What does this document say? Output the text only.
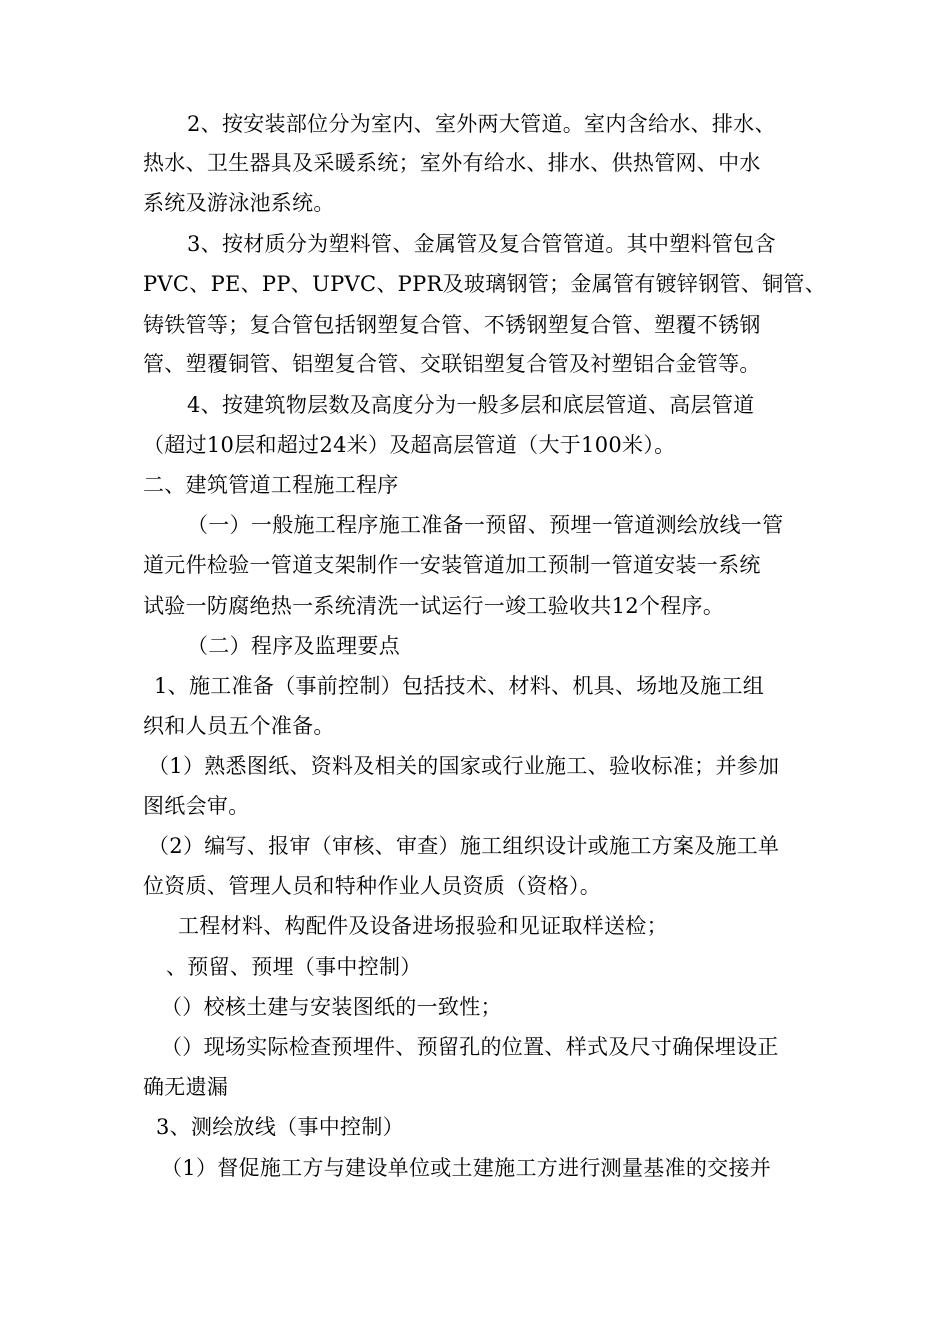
2、按安装部位分为室内、室外两大管道。室内含给水、排水、
热水、卫生器具及采暖系统；室外有给水、排水、供热管网、中水
系统及游泳池系统。
3、按材质分为塑料管、金属管及复合管管道。其中塑料管包含
PVC、PE、PP、UPVC、PPR及玻璃钢管；金属管有镀锌钢管、铜管、
铸铁管等；复合管包括钢塑复合管、不锈钢塑复合管、塑覆不锈钢
管、塑覆铜管、铝塑复合管、交联铝塑复合管及衬塑铝合金管等。
4、按建筑物层数及高度分为一般多层和底层管道、高层管道
（超过10层和超过24米）及超高层管道（大于100米）。
二、建筑管道工程施工程序
（一）一般施工程序施工准备一预留、预埋一管道测绘放线一管
道元件检验一管道支架制作一安装管道加工预制一管道安装一系统
试验一防腐绝热一系统清洗一试运行一竣工验收共12个程序。
（二）程序及监理要点
1、施工准备（事前控制）包括技术、材料、机具、场地及施工组
织和人员五个准备。
（1）熟悉图纸、资料及相关的国家或行业施工、验收标准；并参加
图纸会审。
（2）编写、报审（审核、审查）施工组织设计或施工方案及施工单
位资质、管理人员和特种作业人员资质（资格）。
工程材料、构配件及设备进场报验和见证取样送检；
、预留、预埋（事中控制）
（）校核土建与安装图纸的一致性；
（）现场实际检查预埋件、预留孔的位置、样式及尺寸确保埋设正
确无遗漏
3、测绘放线（事中控制）
（1）督促施工方与建设单位或土建施工方进行测量基准的交接并
